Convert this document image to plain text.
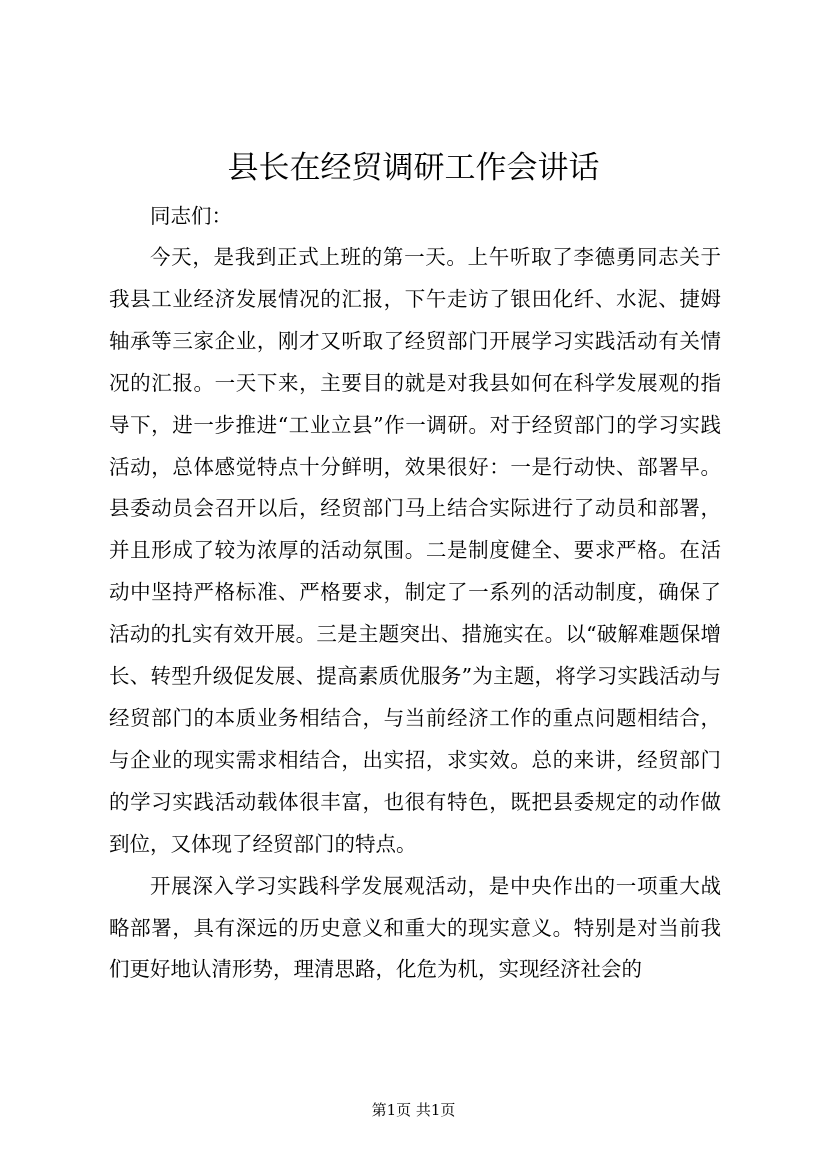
县长在经贸调研工作会讲话
同志们：

今天，是我到正式上班的第一天。上午听取了李德勇同志关于我县工业经济发展情况的汇报，下午走访了银田化纤、水泥、捷姆轴承等三家企业，刚才又听取了经贸部门开展学习实践活动有关情况的汇报。一天下来，主要目的就是对我县如何在科学发展观的指导下，进一步推进“工业立县”作一调研。对于经贸部门的学习实践活动，总体感觉特点十分鲜明，效果很好：一是行动快、部署早。县委动员会召开以后，经贸部门马上结合实际进行了动员和部署，并且形成了较为浓厚的活动氛围。二是制度健全、要求严格。在活动中坚持严格标准、严格要求，制定了一系列的活动制度，确保了活动的扎实有效开展。三是主题突出、措施实在。以“破解难题保增长、转型升级促发展、提高素质优服务”为主题，将学习实践活动与经贸部门的本质业务相结合，与当前经济工作的重点问题相结合，与企业的现实需求相结合，出实招，求实效。总的来讲，经贸部门的学习实践活动载体很丰富，也很有特色，既把县委规定的动作做到位，又体现了经贸部门的特点。

开展深入学习实践科学发展观活动，是中央作出的一项重大战略部署，具有深远的历史意义和重大的现实意义。特别是对当前我们更好地认清形势，理清思路，化危为机，实现经济社会的

第1页 共1页
